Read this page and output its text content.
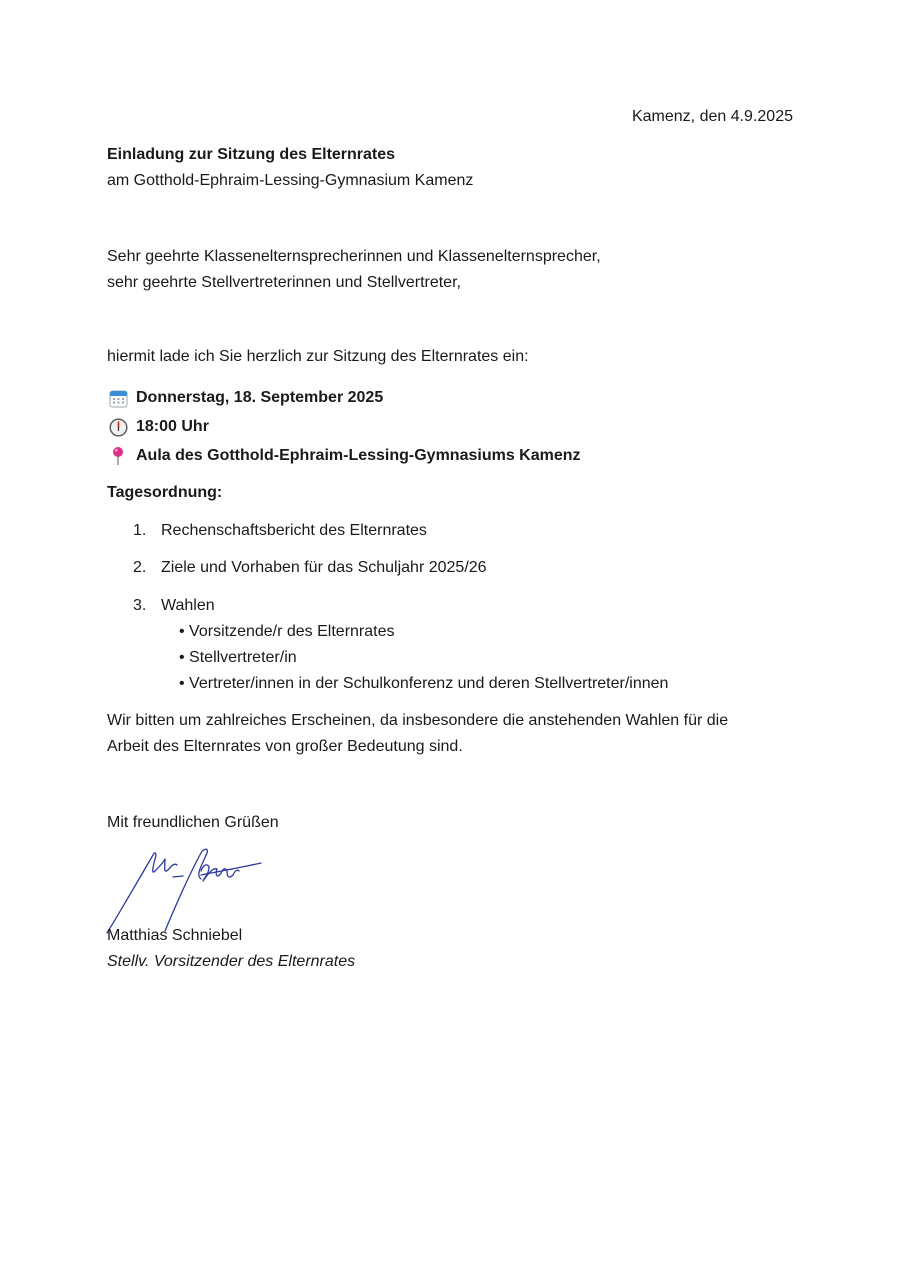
Kamenz, den 4.9.2025
Einladung zur Sitzung des Elternrates
am Gotthold-Ephraim-Lessing-Gymnasium Kamenz
Sehr geehrte Klassenelternsprecherinnen und Klassenelternsprecher,
sehr geehrte Stellvertreterinnen und Stellvertreter,
hiermit lade ich Sie herzlich zur Sitzung des Elternrates ein:
Donnerstag, 18. September 2025
18:00 Uhr
Aula des Gotthold-Ephraim-Lessing-Gymnasiums Kamenz
Tagesordnung:
1. Rechenschaftsbericht des Elternrates
2. Ziele und Vorhaben für das Schuljahr 2025/26
3. Wahlen
• Vorsitzende/r des Elternrates
• Stellvertreter/in
• Vertreter/innen in der Schulkonferenz und deren Stellvertreter/innen
Wir bitten um zahlreiches Erscheinen, da insbesondere die anstehenden Wahlen für die
Arbeit des Elternrates von großer Bedeutung sind.
Mit freundlichen Grüßen
Matthias Schniebel
Stellv. Vorsitzender des Elternrates
